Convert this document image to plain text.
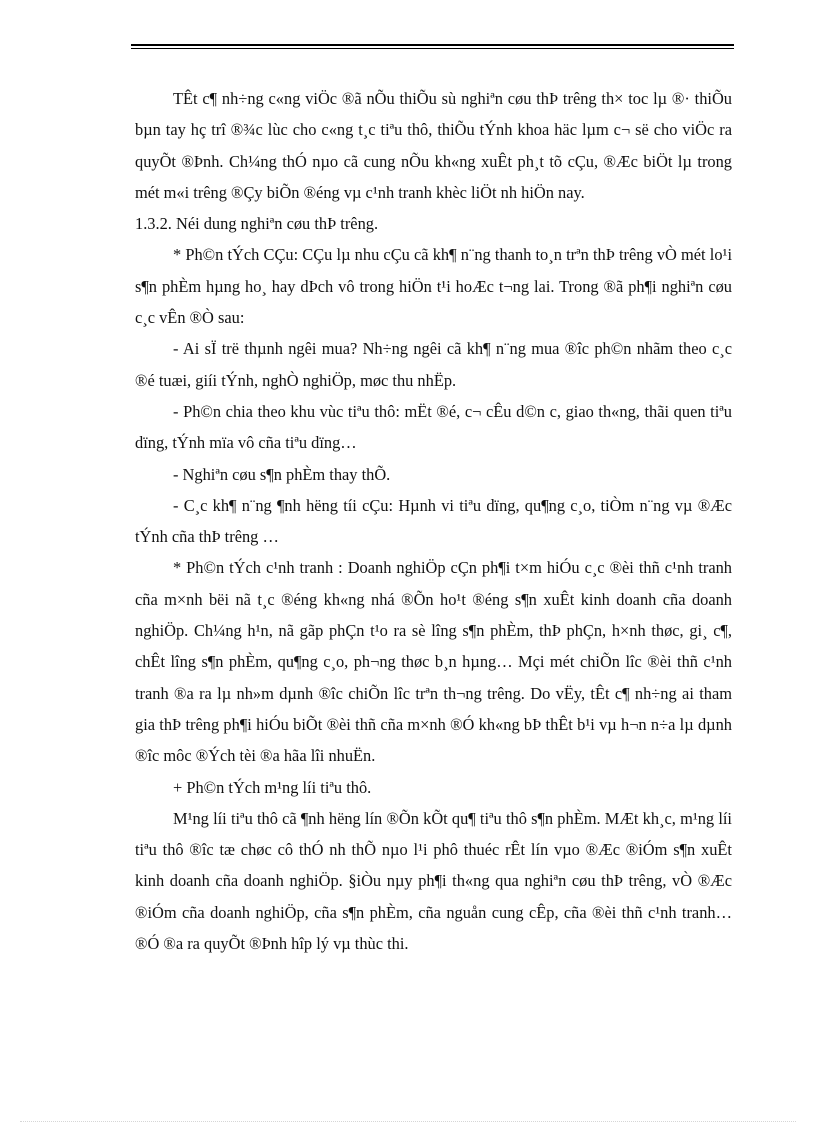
TÊt c¶ nh÷ng c«ng viÖc ®ã nÕu thiÕu sù nghiªn cøu thÞ trêng th× toc lµ ®· thiÕu bµn tay hç trî ®¾c lùc cho c«ng t¸c tiªu thô, thiÕu tÝnh khoa häc lµm c¬ së cho viÖc ra quyÕt ®Þnh. Ch¼ng thÓ nµo cã cung nÕu kh«ng xuÊt ph¸t tõ cÇu, ®Æc biÖt lµ trong mét m«i trêng ®Çy biÕn ®éng vµ c¹nh tranh khèc liÖt nh hiÖn nay.

1.3.2. Néi dung nghiªn cøu thÞ trêng.

* Ph©n tÝch CÇu: CÇu lµ nhu cÇu cã kh¶ n¨ng thanh to¸n trªn thÞ trêng vÒ mét lo¹i s¶n phÈm hµng ho¸ hay dÞch vô trong hiÖn t¹i hoÆc t¬ng lai. Trong ®ã ph¶i nghiªn cøu c¸c vÊn ®Ò sau:

- Ai sÏ trë thµnh ngêi mua? Nh÷ng ngêi cã kh¶ n¨ng mua ®îc ph©n nhãm theo c¸c ®é tuæi, giíi tÝnh, nghÒ nghiÖp, møc thu nhËp.

- Ph©n chia theo khu vùc tiªu thô: mËt ®é, c¬ cÊu d©n c, giao th«ng, thãi quen tiªu dïng, tÝnh mïa vô cña tiªu dïng…

- Nghiªn cøu s¶n phÈm thay thÕ.

- C¸c kh¶ n¨ng ¶nh hëng tíi cÇu: Hµnh vi tiªu dïng, qu¶ng c¸o, tiÒm n¨ng vµ ®Æc tÝnh cña thÞ trêng …

* Ph©n tÝch c¹nh tranh : Doanh nghiÖp cÇn ph¶i t×m hiÓu c¸c ®èi thñ c¹nh tranh cña m×nh bëi nã t¸c ®éng kh«ng nhá ®Õn ho¹t ®éng s¶n xuÊt kinh doanh cña doanh nghiÖp. Ch¼ng h¹n, nã gãp phÇn t¹o ra sè lîng s¶n phÈm, thÞ phÇn, h×nh thøc, gi¸ c¶, chÊt lîng s¶n phÈm, qu¶ng c¸o, ph¬ng thøc b¸n hµng… Mçi mét chiÕn lîc ®èi thñ c¹nh tranh ®a ra lµ nh»m dµnh ®îc chiÕn lîc trªn th¬ng trêng. Do vËy, tÊt c¶ nh÷ng ai tham gia thÞ trêng ph¶i hiÓu biÕt ®èi thñ cña m×nh ®Ó kh«ng bÞ thÊt b¹i vµ h¬n n÷a lµ dµnh ®îc môc ®Ých tèi ®a hãa lîi nhuËn.

+ Ph©n tÝch m¹ng líi tiªu thô.

M¹ng líi tiªu thô cã ¶nh hëng lín ®Õn kÕt qu¶ tiªu thô s¶n phÈm. MÆt kh¸c, m¹ng líi tiªu thô ®îc tæ chøc cô thÓ nh thÕ nµo l¹i phô thuéc rÊt lín vµo ®Æc ®iÓm s¶n xuÊt kinh doanh cña doanh nghiÖp. §iÒu nµy ph¶i th«ng qua nghiªn cøu thÞ trêng, vÒ ®Æc ®iÓm cña doanh nghiÖp, cña s¶n phÈm, cña nguån cung cÊp, cña ®èi thñ c¹nh tranh… ®Ó ®a ra quyÕt ®Þnh hîp lý vµ thùc thi.
